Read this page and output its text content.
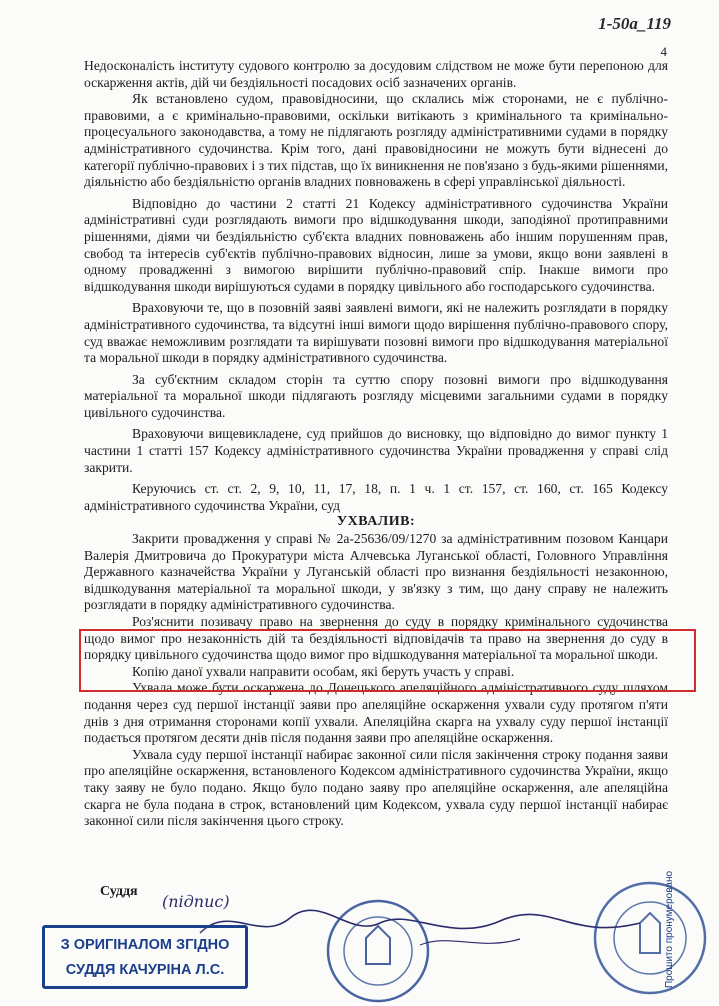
1-50а_119
4

Недосконалість інституту судового контролю за досудовим слідством не може бути перепоною для оскарження актів, дій чи бездіяльності посадових осіб зазначених органів.

Як встановлено судом, правовідносини, що склались між сторонами, не є публічно-правовими, а є кримінально-правовими, оскільки витікають з кримінального та кримінально-процесуального законодавства, а тому не підлягають розгляду адміністративними судами в порядку адміністративного судочинства. Крім того, дані правовідносини не можуть бути віднесені до категорії публічно-правових і з тих підстав, що їх виникнення не пов'язано з будь-якими рішеннями, діяльністю або бездіяльністю органів владних повноважень в сфері управлінської діяльності.

Відповідно до частини 2 статті 21 Кодексу адміністративного судочинства України адміністративні суди розглядають вимоги про відшкодування шкоди, заподіяної протиправними рішеннями, діями чи бездіяльністю суб'єкта владних повноважень або іншим порушенням прав, свобод та інтересів суб'єктів публічно-правових відносин, лише за умови, якщо вони заявлені в одному провадженні з вимогою вирішити публічно-правовий спір. Інакше вимоги про відшкодування шкоди вирішуються судами в порядку цивільного або господарського судочинства.

Враховуючи те, що в позовній заяві заявлені вимоги, які не належить розглядати в порядку адміністративного судочинства, та відсутні інші вимоги щодо вирішення публічно-правового спору, суд вважає неможливим розглядати та вирішувати позовні вимоги про відшкодування матеріальної та моральної шкоди в порядку адміністративного судочинства.

За суб'єктним складом сторін та суттю спору позовні вимоги про відшкодування матеріальної та моральної шкоди підлягають розгляду місцевими загальними судами в порядку цивільного судочинства.

Враховуючи вищевикладене, суд прийшов до висновку, що відповідно до вимог пункту 1 частини 1 статті 157 Кодексу адміністративного судочинства України провадження у справі слід закрити.

Керуючись ст. ст. 2, 9, 10, 11, 17, 18, п. 1 ч. 1 ст. 157, ст. 160, ст. 165 Кодексу адміністративного судочинства України, суд

УХВАЛИВ:

Закрити провадження у справі № 2а-25636/09/1270 за адміністративним позовом Канцари Валерія Дмитровича до Прокуратури міста Алчевська Луганської області, Головного Управління Державного казначейства України у Луганській області про визнання бездіяльності незаконною, відшкодування матеріальної та моральної шкоди, у зв'язку з тим, що дану справу не належить розглядати в порядку адміністративного судочинства.

Роз'яснити позивачу право на звернення до суду в порядку кримінального судочинства щодо вимог про незаконність дій та бездіяльності відповідачів та право на звернення до суду в порядку цивільного судочинства щодо вимог про відшкодування матеріальної та моральної шкоди.

Копію даної ухвали направити особам, які беруть участь у справі.

Ухвала може бути оскаржена до Донецького апеляційного адміністративного суду шляхом подання через суд першої інстанції заяви про апеляційне оскарження ухвали суду протягом п'яти днів з дня отримання сторонами копії ухвали. Апеляційна скарга на ухвалу суду першої інстанції подається протягом десяти днів після подання заяви про апеляційне оскарження.

Ухвала суду першої інстанції набирає законної сили після закінчення строку подання заяви про апеляційне оскарження, встановленого Кодексом адміністративного судочинства України, якщо таку заяву не було подано. Якщо було подано заяву про апеляційне оскарження, але апеляційна скарга не була подана в строк, встановлений цим Кодексом, ухвала суду першої інстанції набирає законної сили після закінчення цього строку.

Суддя
(підпис)
З ОРИГІНАЛОМ ЗГІДНО
СУДДЯ КАЧУРІНА Л.С.	Прошито пронумеровано
